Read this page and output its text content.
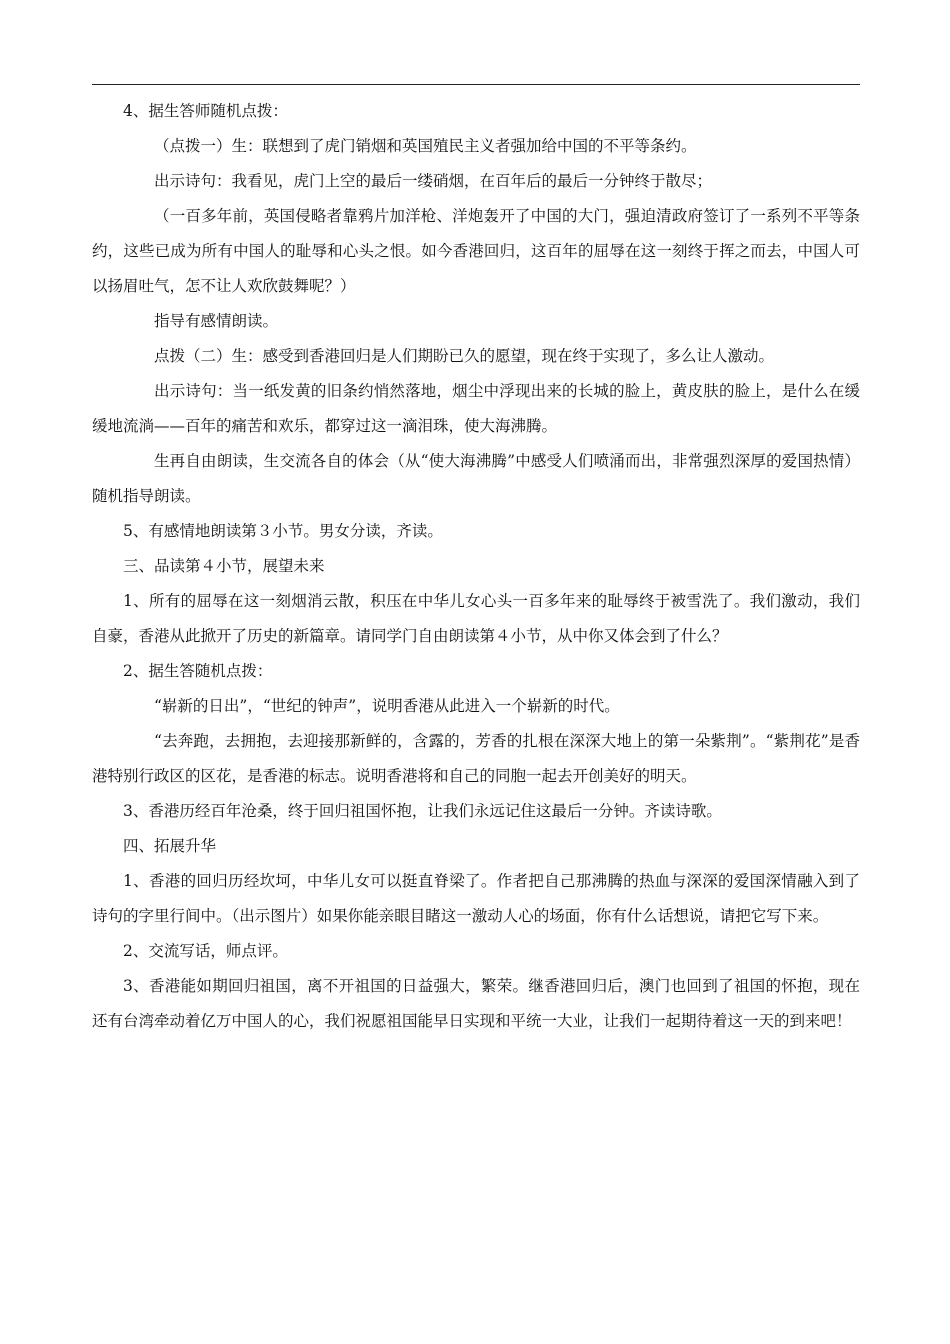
4、据生答师随机点拨：

（点拨一）生：联想到了虎门销烟和英国殖民主义者强加给中国的不平等条约。

出示诗句：我看见，虎门上空的最后一缕硝烟，在百年后的最后一分钟终于散尽；

（一百多年前，英国侵略者靠鸦片加洋枪、洋炮轰开了中国的大门，强迫清政府签订了一系列不平等条约，这些已成为所有中国人的耻辱和心头之恨。如今香港回归，这百年的屈辱在这一刻终于挥之而去，中国人可以扬眉吐气，怎不让人欢欣鼓舞呢？）

指导有感情朗读。

点拨（二）生：感受到香港回归是人们期盼已久的愿望，现在终于实现了，多么让人激动。

出示诗句：当一纸发黄的旧条约悄然落地，烟尘中浮现出来的长城的脸上，黄皮肤的脸上，是什么在缓缓地流淌——百年的痛苦和欢乐，都穿过这一滴泪珠，使大海沸腾。

生再自由朗读，生交流各自的体会（从“使大海沸腾”中感受人们喷涌而出，非常强烈深厚的爱国热情）随机指导朗读。

5、有感情地朗读第３小节。男女分读，齐读。

三、品读第４小节，展望未来

1、所有的屈辱在这一刻烟消云散，积压在中华儿女心头一百多年来的耻辱终于被雪洗了。我们激动，我们自豪，香港从此掀开了历史的新篇章。请同学门自由朗读第４小节，从中你又体会到了什么？

2、据生答随机点拨：

“崭新的日出”，“世纪的钟声”，说明香港从此进入一个崭新的时代。

“去奔跑，去拥抱，去迎接那新鲜的，含露的，芳香的扎根在深深大地上的第一朵紫荆”。“紫荆花”是香港特别行政区的区花，是香港的标志。说明香港将和自己的同胞一起去开创美好的明天。

3、香港历经百年沧桑，终于回归祖国怀抱，让我们永远记住这最后一分钟。齐读诗歌。

四、拓展升华

1、香港的回归历经坎坷，中华儿女可以挺直脊梁了。作者把自己那沸腾的热血与深深的爱国深情融入到了诗句的字里行间中。（出示图片）如果你能亲眼目睹这一激动人心的场面，你有什么话想说，请把它写下来。

2、交流写话，师点评。

3、香港能如期回归祖国，离不开祖国的日益强大，繁荣。继香港回归后，澳门也回到了祖国的怀抱，现在还有台湾牵动着亿万中国人的心，我们祝愿祖国能早日实现和平统一大业，让我们一起期待着这一天的到来吧！
